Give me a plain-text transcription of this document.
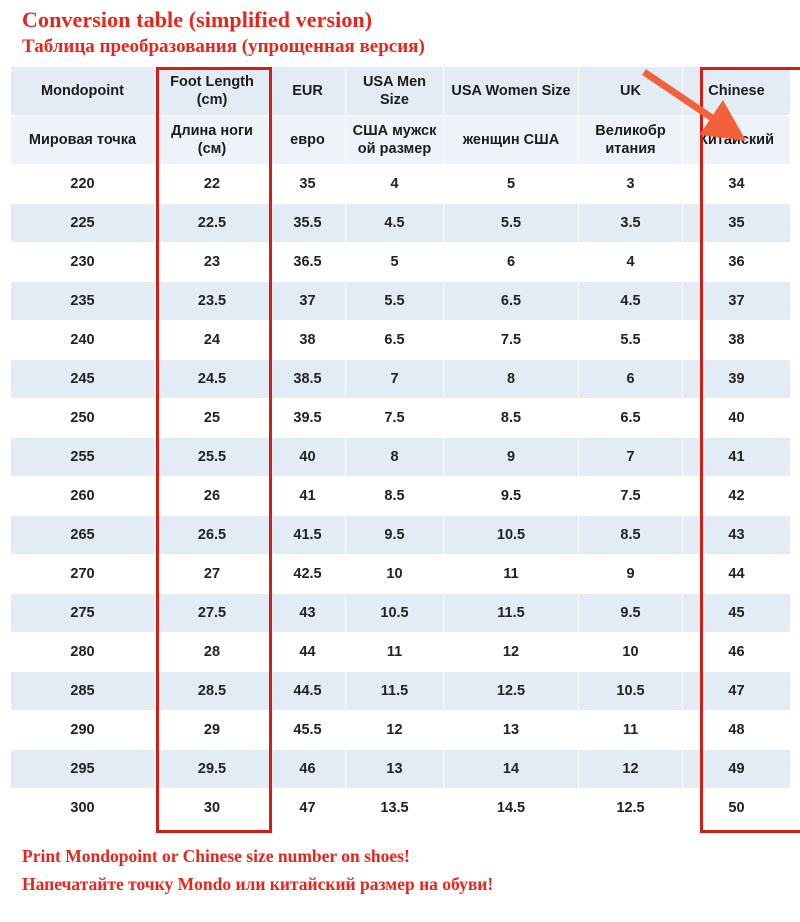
Conversion table (simplified version)
Таблица преобразования (упрощенная версия)
Mondopoint	Foot Length (cm)	EUR	USA Men Size	USA Women Size	UK	Chinese
Мировая точка	Длина ноги (см)	евро	США мужск ой размер	женщин США	Великобр итания	Китайский
220	22	35	4	5	3	34
225	22.5	35.5	4.5	5.5	3.5	35
230	23	36.5	5	6	4	36
235	23.5	37	5.5	6.5	4.5	37
240	24	38	6.5	7.5	5.5	38
245	24.5	38.5	7	8	6	39
250	25	39.5	7.5	8.5	6.5	40
255	25.5	40	8	9	7	41
260	26	41	8.5	9.5	7.5	42
265	26.5	41.5	9.5	10.5	8.5	43
270	27	42.5	10	11	9	44
275	27.5	43	10.5	11.5	9.5	45
280	28	44	11	12	10	46
285	28.5	44.5	11.5	12.5	10.5	47
290	29	45.5	12	13	11	48
295	29.5	46	13	14	12	49
300	30	47	13.5	14.5	12.5	50
Print Mondopoint or Chinese size number on shoes!
Напечатайте точку Mondo или китайский размер на обуви!
